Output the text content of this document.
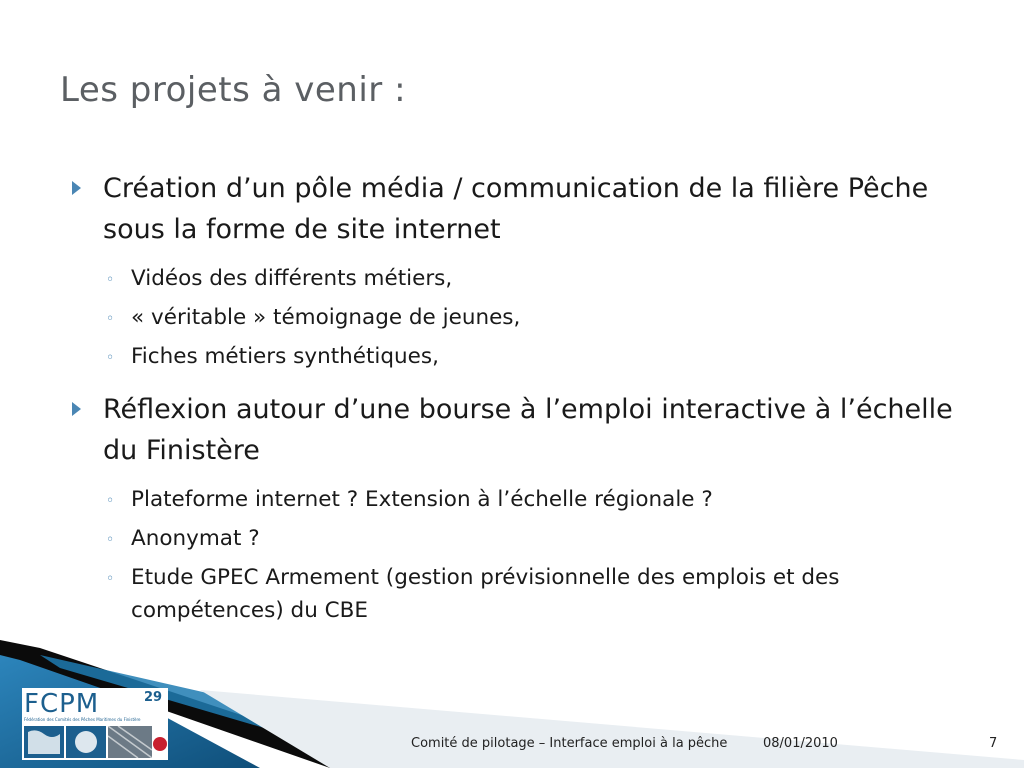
Les projets à venir :
Création d’un pôle média / communication de la filière Pêche sous la forme de site internet
◦ Vidéos des différents métiers,
◦ « véritable » témoignage de jeunes,
◦ Fiches métiers synthétiques,
Réflexion autour d’une bourse à l’emploi interactive à l’échelle du Finistère
◦ Plateforme internet ? Extension à l’échelle régionale ?
◦ Anonymat ?
◦ Etude GPEC Armement (gestion prévisionnelle des emplois et des compétences) du CBE
FCPM	29
Fédération des Comités des Pêches Maritimes du Finistère
Comité de pilotage – Interface emploi à la pêche	08/01/2010	7
